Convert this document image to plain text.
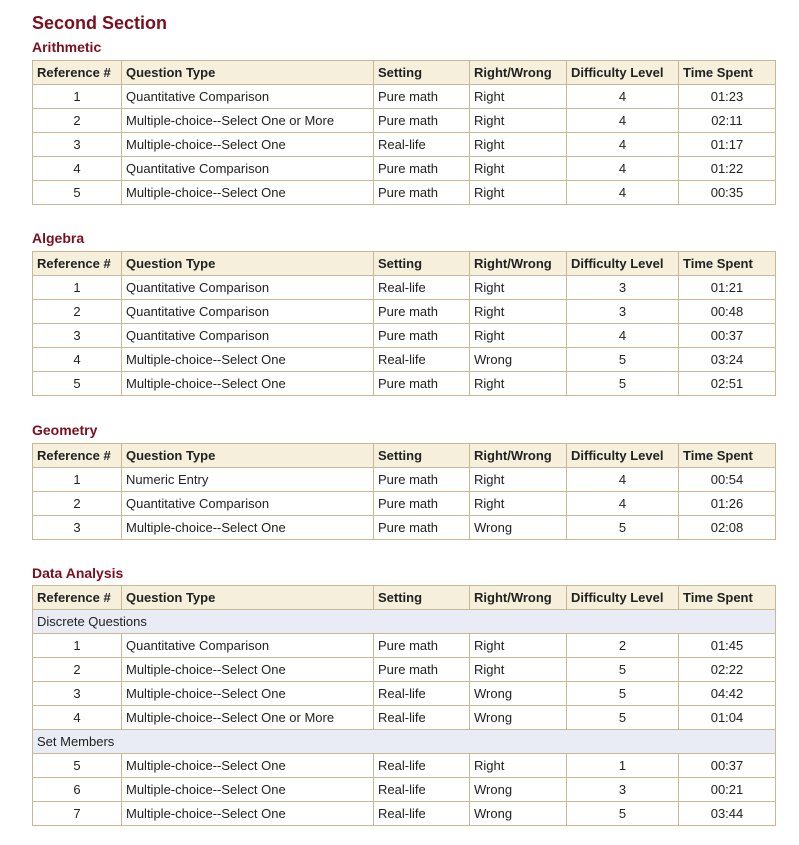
Second Section
Arithmetic
Reference #	Question Type	Setting	Right/Wrong	Difficulty Level	Time Spent
1	Quantitative Comparison	Pure math	Right	4	01:23
2	Multiple-choice--Select One or More	Pure math	Right	4	02:11
3	Multiple-choice--Select One	Real-life	Right	4	01:17
4	Quantitative Comparison	Pure math	Right	4	01:22
5	Multiple-choice--Select One	Pure math	Right	4	00:35
Algebra
Reference #	Question Type	Setting	Right/Wrong	Difficulty Level	Time Spent
1	Quantitative Comparison	Real-life	Right	3	01:21
2	Quantitative Comparison	Pure math	Right	3	00:48
3	Quantitative Comparison	Pure math	Right	4	00:37
4	Multiple-choice--Select One	Real-life	Wrong	5	03:24
5	Multiple-choice--Select One	Pure math	Right	5	02:51
Geometry
Reference #	Question Type	Setting	Right/Wrong	Difficulty Level	Time Spent
1	Numeric Entry	Pure math	Right	4	00:54
2	Quantitative Comparison	Pure math	Right	4	01:26
3	Multiple-choice--Select One	Pure math	Wrong	5	02:08
Data Analysis
Reference #	Question Type	Setting	Right/Wrong	Difficulty Level	Time Spent
Discrete Questions					
1	Quantitative Comparison	Pure math	Right	2	01:45
2	Multiple-choice--Select One	Pure math	Right	5	02:22
3	Multiple-choice--Select One	Real-life	Wrong	5	04:42
4	Multiple-choice--Select One or More	Real-life	Wrong	5	01:04
Set Members					
5	Multiple-choice--Select One	Real-life	Right	1	00:37
6	Multiple-choice--Select One	Real-life	Wrong	3	00:21
7	Multiple-choice--Select One	Real-life	Wrong	5	03:44
